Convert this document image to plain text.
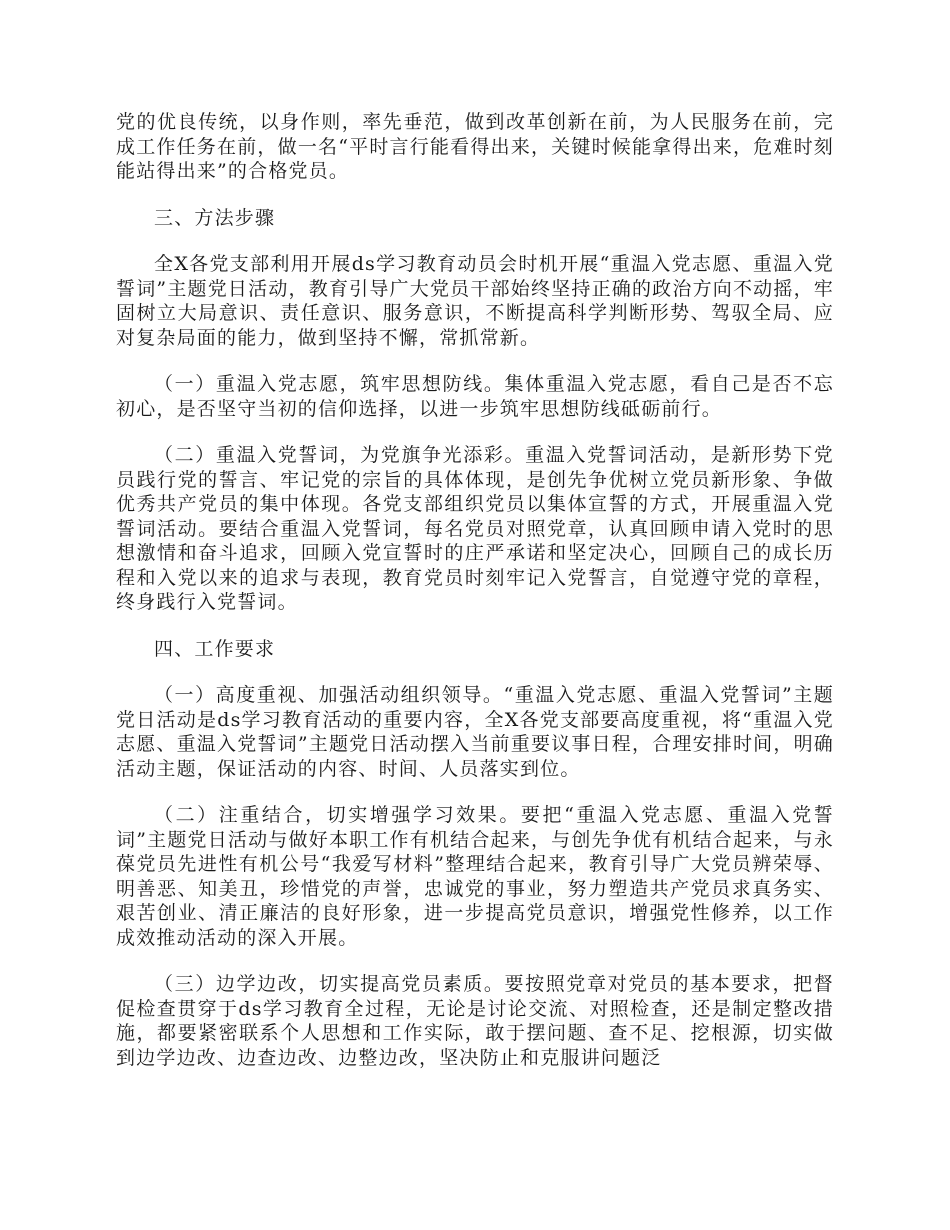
党的优良传统，以身作则，率先垂范，做到改革创新在前，为人民服务在前，完成工作任务在前，做一名“平时言行能看得出来，关键时候能拿得出来，危难时刻能站得出来”的合格党员。

三、方法步骤

全X各党支部利用开展ds学习教育动员会时机开展“重温入党志愿、重温入党誓词”主题党日活动，教育引导广大党员干部始终坚持正确的政治方向不动摇，牢固树立大局意识、责任意识、服务意识，不断提高科学判断形势、驾驭全局、应对复杂局面的能力，做到坚持不懈，常抓常新。

（一）重温入党志愿，筑牢思想防线。集体重温入党志愿，看自己是否不忘初心，是否坚守当初的信仰选择，以进一步筑牢思想防线砥砺前行。

（二）重温入党誓词，为党旗争光添彩。重温入党誓词活动，是新形势下党员践行党的誓言、牢记党的宗旨的具体体现，是创先争优树立党员新形象、争做优秀共产党员的集中体现。各党支部组织党员以集体宣誓的方式，开展重温入党誓词活动。要结合重温入党誓词，每名党员对照党章，认真回顾申请入党时的思想激情和奋斗追求，回顾入党宣誓时的庄严承诺和坚定决心，回顾自己的成长历程和入党以来的追求与表现，教育党员时刻牢记入党誓言，自觉遵守党的章程，终身践行入党誓词。

四、工作要求

（一）高度重视、加强活动组织领导。“重温入党志愿、重温入党誓词”主题党日活动是ds学习教育活动的重要内容，全X各党支部要高度重视，将“重温入党志愿、重温入党誓词”主题党日活动摆入当前重要议事日程，合理安排时间，明确活动主题，保证活动的内容、时间、人员落实到位。

（二）注重结合，切实增强学习效果。要把“重温入党志愿、重温入党誓词”主题党日活动与做好本职工作有机结合起来，与创先争优有机结合起来，与永葆党员先进性有机公号“我爱写材料”整理结合起来，教育引导广大党员辨荣辱、明善恶、知美丑，珍惜党的声誉，忠诚党的事业，努力塑造共产党员求真务实、艰苦创业、清正廉洁的良好形象，进一步提高党员意识，增强党性修养，以工作成效推动活动的深入开展。

（三）边学边改，切实提高党员素质。要按照党章对党员的基本要求，把督促检查贯穿于ds学习教育全过程，无论是讨论交流、对照检查，还是制定整改措施，都要紧密联系个人思想和工作实际，敢于摆问题、查不足、挖根源，切实做到边学边改、边查边改、边整边改，坚决防止和克服讲问题泛
